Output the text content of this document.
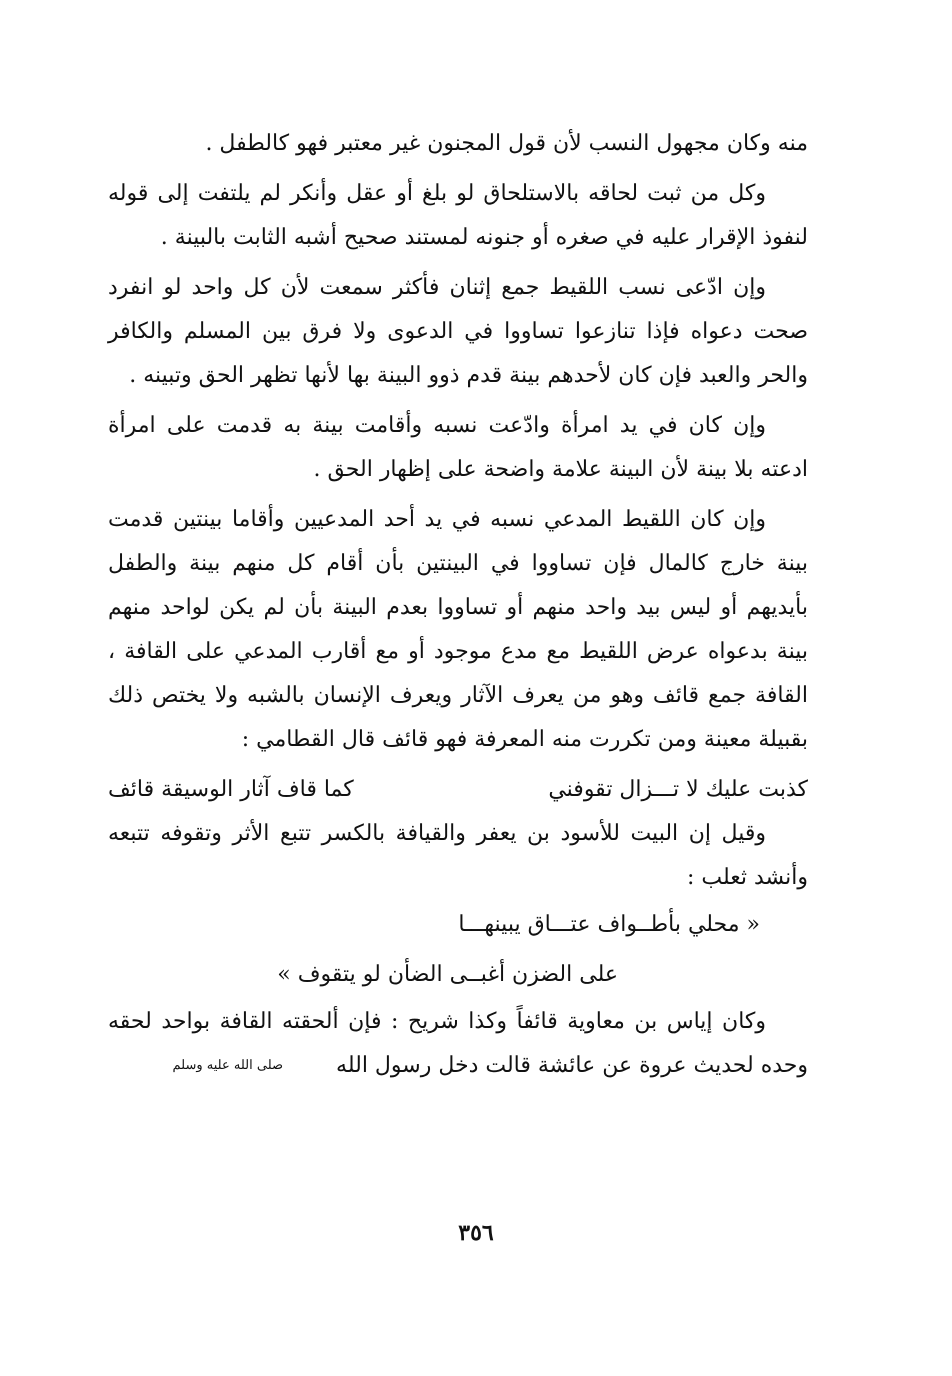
منه وكان مجهول النسب لأن قول المجنون غير معتبر فهو كالطفل .

وكل من ثبت لحاقه بالاستلحاق لو بلغ أو عقل وأنكر لم يلتفت إلى قوله لنفوذ الإقرار عليه في صغره أو جنونه لمستند صحيح أشبه الثابت بالبينة .

وإن ادّعى نسب اللقيط جمع إثنان فأكثر سمعت لأن كل واحد لو انفرد صحت دعواه فإذا تنازعوا تساووا في الدعوى ولا فرق بين المسلم والكافر والحر والعبد فإن كان لأحدهم بينة قدم ذوو البينة بها لأنها تظهر الحق وتبينه .

وإن كان في يد امرأة وادّعت نسبه وأقامت بينة به قدمت على امرأة ادعته بلا بينة لأن البينة علامة واضحة على إظهار الحق .

وإن كان اللقيط المدعي نسبه في يد أحد المدعيين وأقاما بينتين قدمت بينة خارج كالمال فإن تساووا في البينتين بأن أقام كل منهم بينة والطفل بأيديهم أو ليس بيد واحد منهم أو تساووا بعدم البينة بأن لم يكن لواحد منهم بينة بدعواه عرض اللقيط مع مدع موجود أو مع أقارب المدعي على القافة ، القافة جمع قائف وهو من يعرف الآثار ويعرف الإنسان بالشبه ولا يختص ذلك بقبيلة معينة ومن تكررت منه المعرفة فهو قائف قال القطامي :

كذبت عليك لا تـــزال تقوفني
كما قاف آثار الوسيقة قائف

وقيل إن البيت للأسود بن يعفر والقيافة بالكسر تتبع الأثر وتقوفه تتبعه وأنشد ثعلب :

« محلي بأطــواف عتـــاق يبينهـــا
على الضزن أغبــى الضأن لو يتقوف »

وكان إياس بن معاوية قائفاً وكذا شريح : فإن ألحقته القافة بواحد لحقه وحده لحديث عروة عن عائشة قالت دخل رسول الله صلى الله عليه وسلم

٣٥٦
